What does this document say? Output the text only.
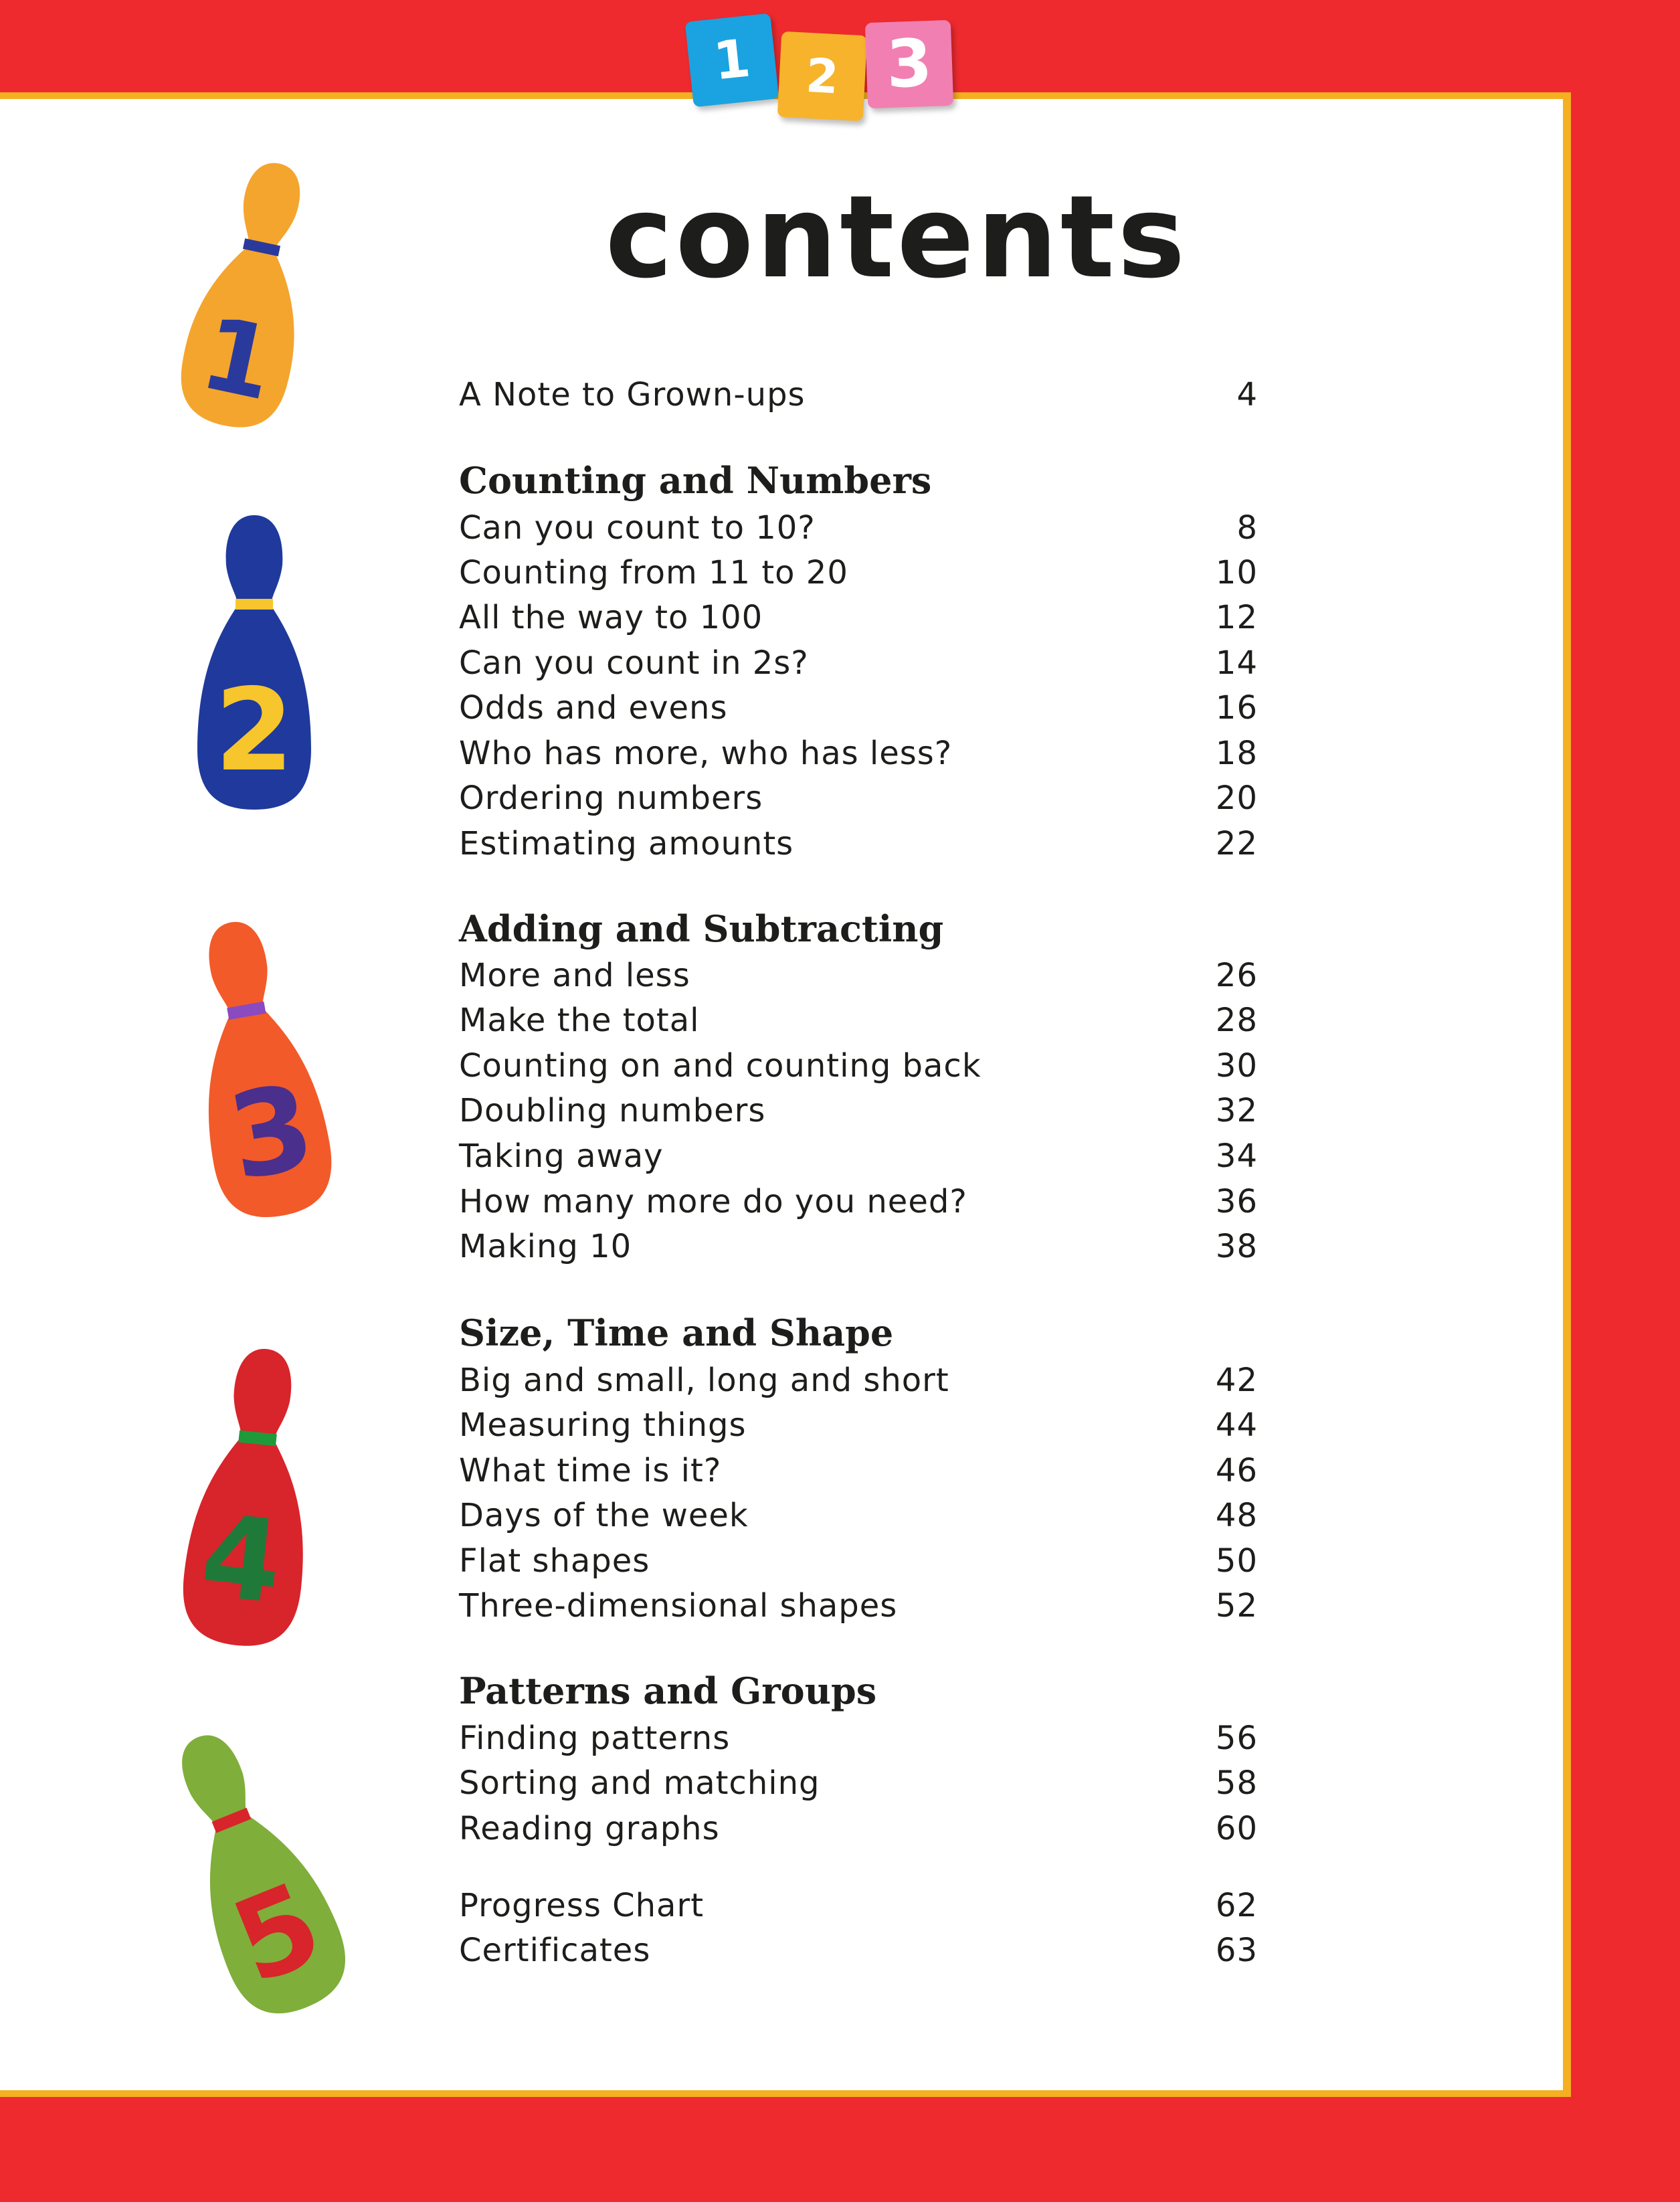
1	2 3
contents
1
2
3
4
5
A Note to Grown-ups	4
Counting and Numbers
Can you count to 10?	8
Counting from 11 to 20	10
All the way to 100	12
Can you count in 2s?	14
Odds and evens	16
Who has more, who has less?	18
Ordering numbers	20
Estimating amounts	22
Adding and Subtracting
More and less	26
Make the total	28
Counting on and counting back	30
Doubling numbers	32
Taking away	34
How many more do you need?	36
Making 10	38
Size, Time and Shape
Big and small, long and short	42
Measuring things	44
What time is it?	46
Days of the week	48
Flat shapes	50
Three-dimensional shapes	52
Patterns and Groups
Finding patterns	56
Sorting and matching	58
Reading graphs	60
Progress Chart	62
Certificates	63
